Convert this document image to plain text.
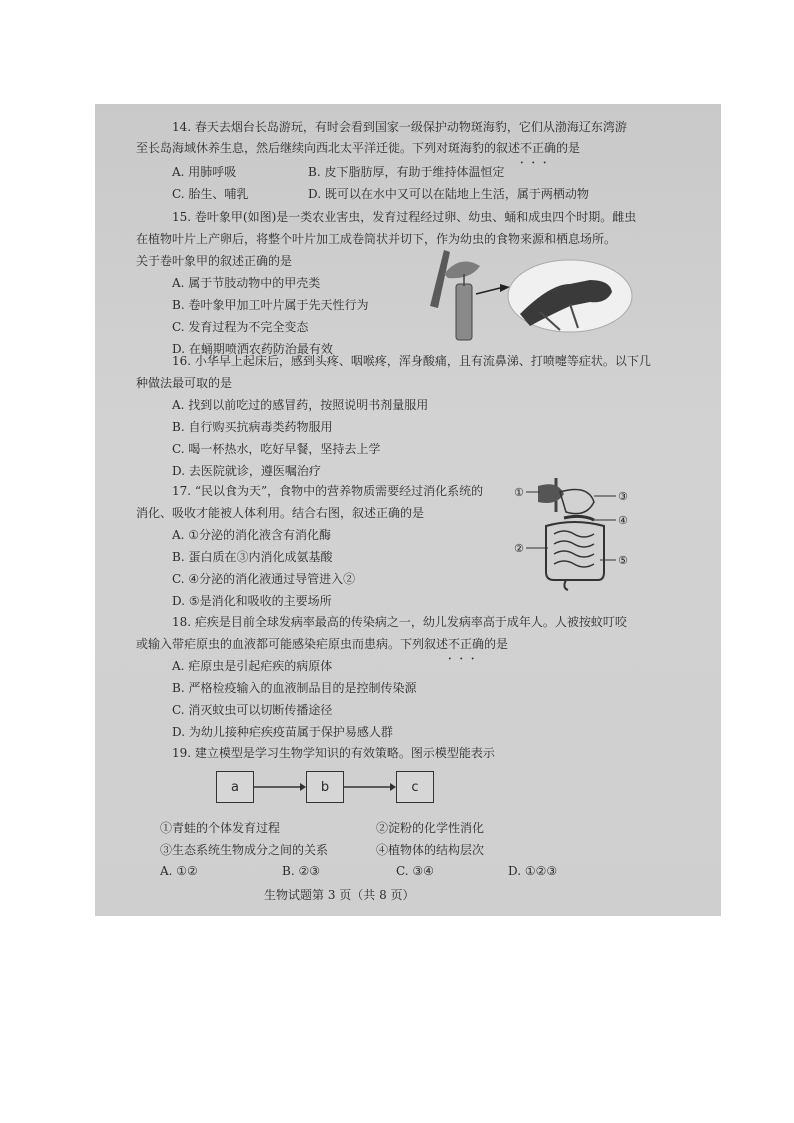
14. 春天去烟台长岛游玩，有时会看到国家一级保护动物斑海豹，它们从渤海辽东湾游
至长岛海域休养生息，然后继续向西北太平洋迁徙。下列对斑海豹的叙述不正确 • • •的是
A. 用肺呼吸	B. 皮下脂肪厚，有助于维持体温恒定
C. 胎生、哺乳	D. 既可以在水中又可以在陆地上生活，属于两栖动物
15. 卷叶象甲(如图)是一类农业害虫，发育过程经过卵、幼虫、蛹和成虫四个时期。雌虫
在植物叶片上产卵后，将整个叶片加工成卷筒状并切下，作为幼虫的食物来源和栖息场所。
关于卷叶象甲的叙述正确的是
A. 属于节肢动物中的甲壳类
B. 卷叶象甲加工叶片属于先天性行为
C. 发育过程为不完全变态
D. 在蛹期喷洒农药防治最有效
16. 小华早上起床后，感到头疼、咽喉疼，浑身酸痛，且有流鼻涕、打喷嚏等症状。以下几
种做法最可取的是
A. 找到以前吃过的感冒药，按照说明书剂量服用
B. 自行购买抗病毒类药物服用
C. 喝一杯热水，吃好早餐，坚持去上学
D. 去医院就诊，遵医嘱治疗
17. “民以食为天”，食物中的营养物质需要经过消化系统的
消化、吸收才能被人体利用。结合右图，叙述正确的是
A. ①分泌的消化液含有消化酶
B. 蛋白质在③内消化成氨基酸
C. ④分泌的消化液通过导管进入②
D. ⑤是消化和吸收的主要场所
①
②
③
④
⑤
18. 疟疾是目前全球发病率最高的传染病之一，幼儿发病率高于成年人。人被按蚊叮咬
或输入带疟原虫的血液都可能感染疟原虫而患病。下列叙述不正确 • • •的是
A. 疟原虫是引起疟疾的病原体
B. 严格检疫输入的血液制品目的是控制传染源
C. 消灭蚊虫可以切断传播途径
D. 为幼儿接种疟疾疫苗属于保护易感人群
19. 建立模型是学习生物学知识的有效策略。图示模型能表示
a	b	c
①青蛙的个体发育过程	②淀粉的化学性消化
③生态系统生物成分之间的关系	④植物体的结构层次
A. ①②	B. ②③	C. ③④	D. ①②③
生物试题第 3 页（共 8 页）
